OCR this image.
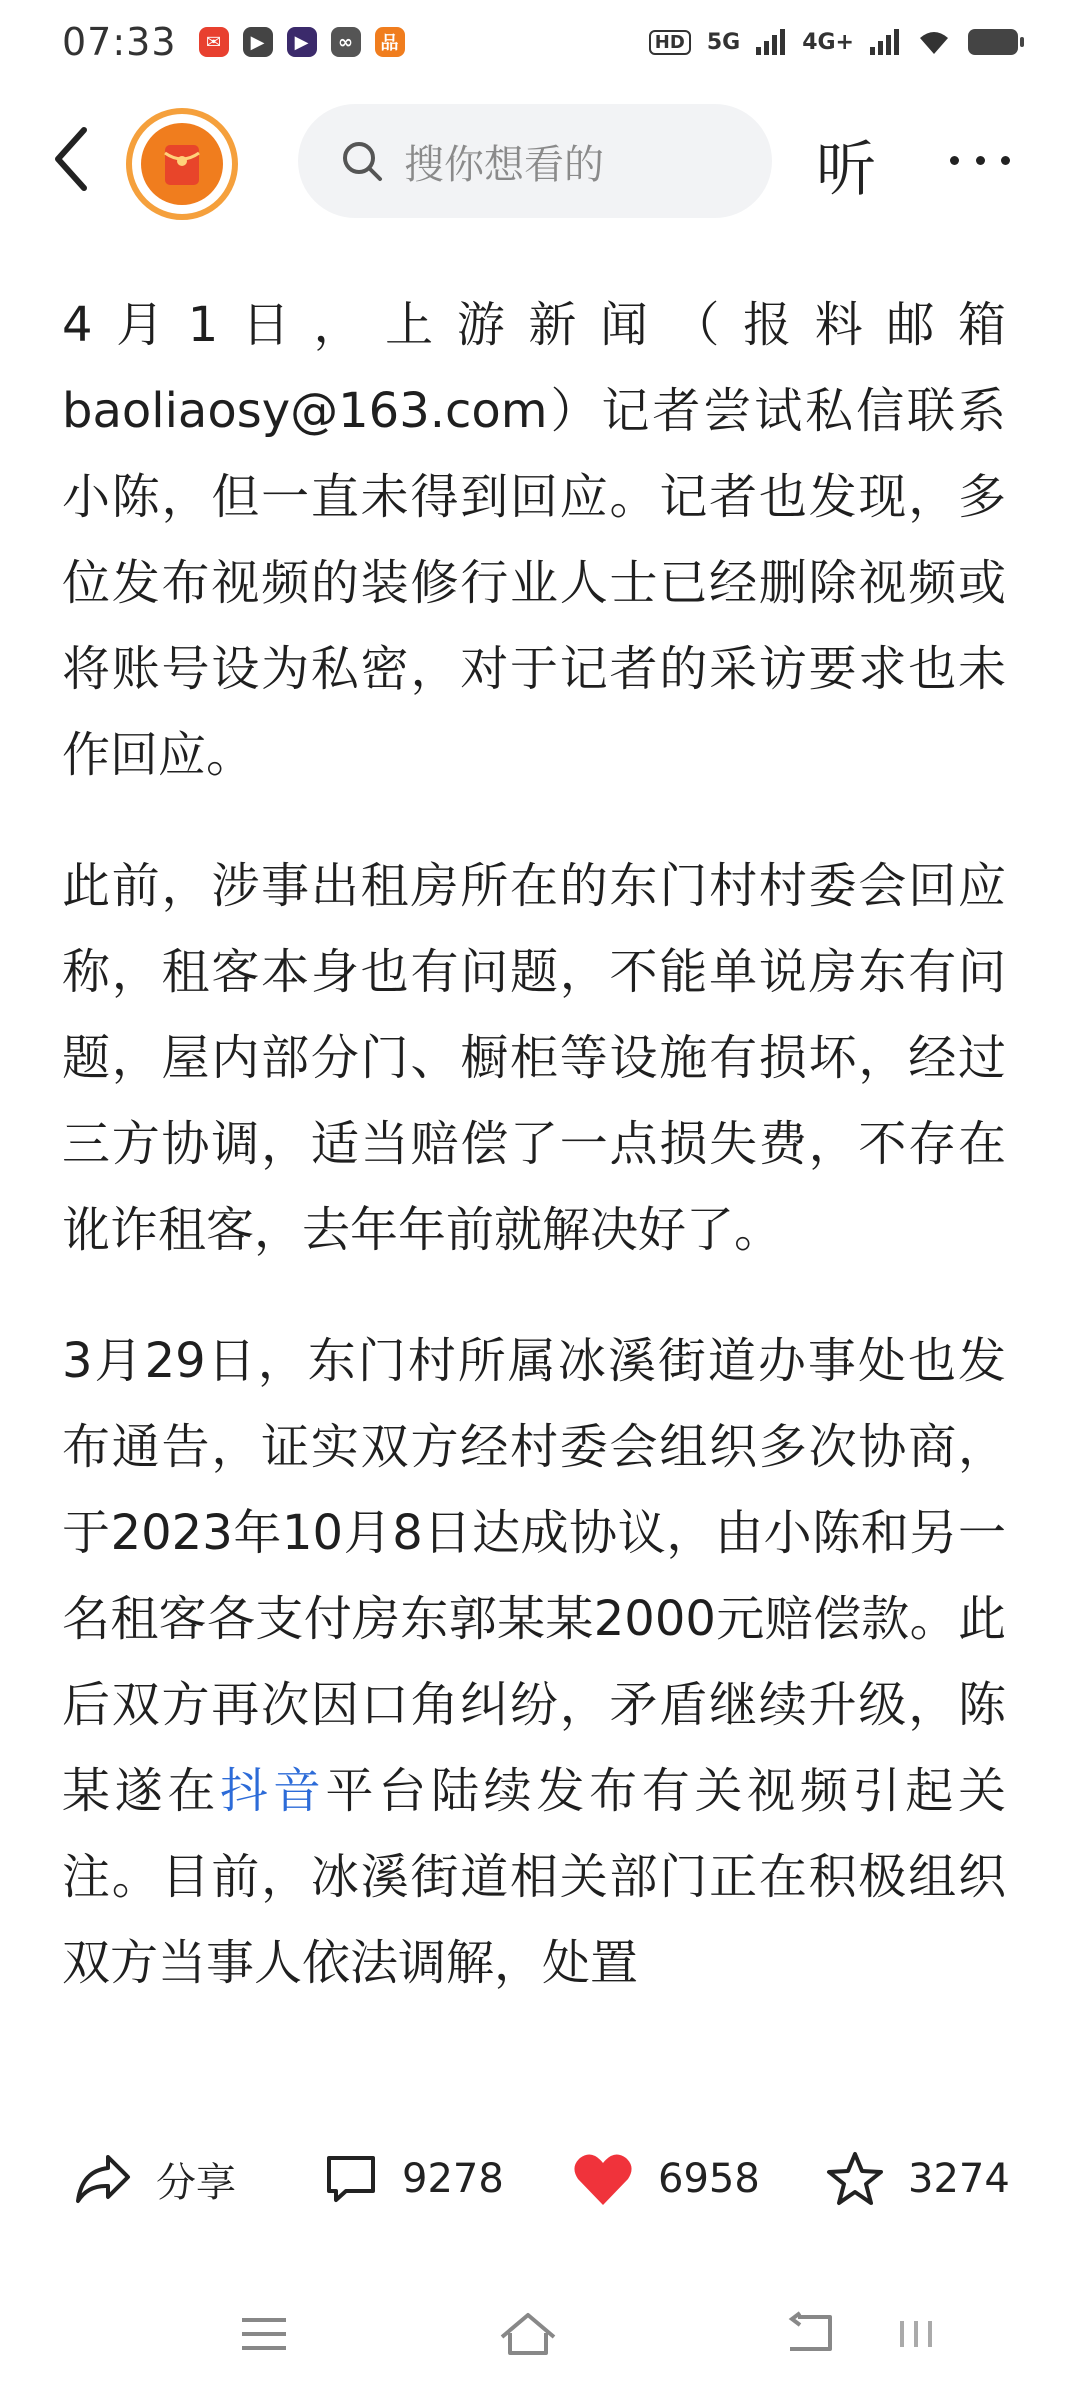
07:33	✉	▶	▶	∞	品	HD 5G	4G+
搜你想看的	听

4月1日，上游新闻（报料邮箱baoliaosy@163.com）记者尝试私信联系小陈，但一直未得到回应。记者也发现，多位发布视频的装修行业人士已经删除视频或将账号设为私密，对于记者的采访要求也未作回应。

此前，涉事出租房所在的东门村村委会回应称，租客本身也有问题，不能单说房东有问题，屋内部分门、橱柜等设施有损坏，经过三方协调，适当赔偿了一点损失费，不存在讹诈租客，去年年前就解决好了。

3月29日，东门村所属冰溪街道办事处也发布通告，证实双方经村委会组织多次协商，于2023年10月8日达成协议，由小陈和另一名租客各支付房东郭某某2000元赔偿款。此后双方再次因口角纠纷，矛盾继续升级，陈某遂在抖音平台陆续发布有关视频引起关注。目前，冰溪街道相关部门正在积极组织双方当事人依法调解，处置

分享	9278	6958	3274
